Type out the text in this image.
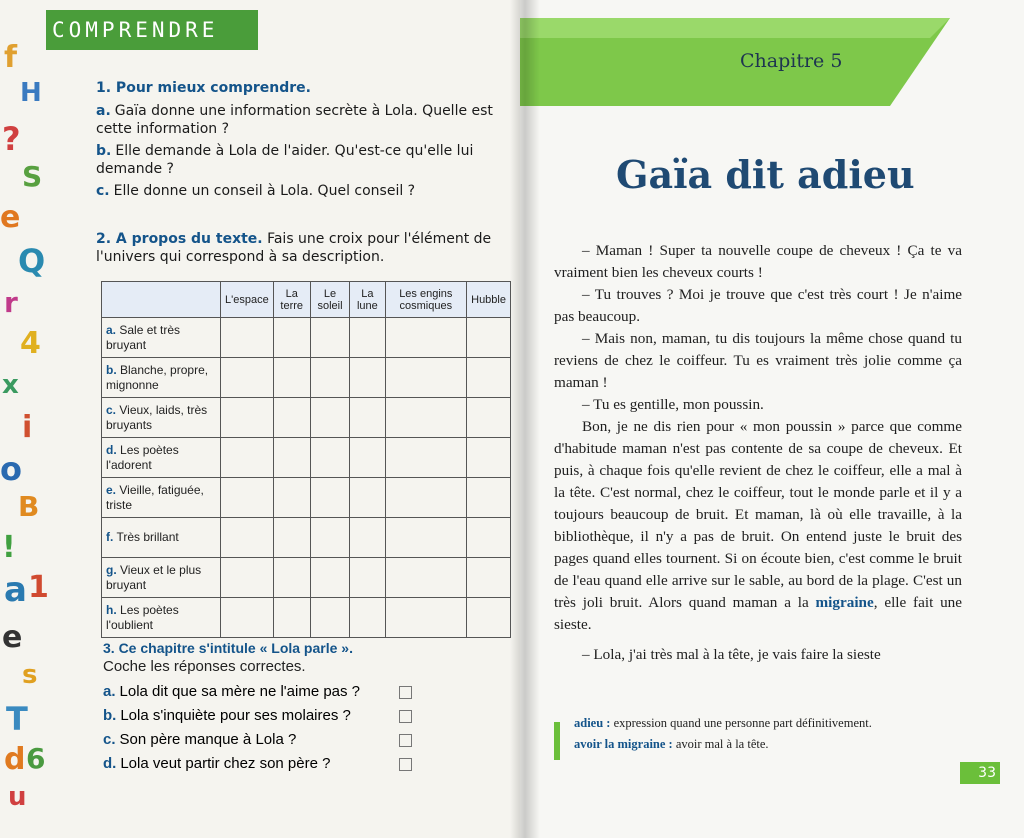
f
H
?
S
e
Q
r
4
x
i
o
B
!
a 1
e
s
T
d 6
u
COMPRENDRE
1. Pour mieux comprendre.
a. Gaïa donne une information secrète à Lola. Quelle est cette information ?
b. Elle demande à Lola de l'aider. Qu'est-ce qu'elle lui demande ?
c. Elle donne un conseil à Lola. Quel conseil ?
2. A propos du texte. Fais une croix pour l'élément de l'univers qui correspond à sa description.
	L'espace	La terre	Le soleil	La lune	Les engins cosmiques	Hubble
a. Sale et très bruyant						
b. Blanche, propre, mignonne						
c. Vieux, laids, très bruyants						
d. Les poètes l'adorent						
e. Vieille, fatiguée, triste						
f. Très brillant						
g. Vieux et le plus bruyant						
h. Les poètes l'oublient						
3. Ce chapitre s'intitule « Lola parle ».
Coche les réponses correctes.
a. Lola dit que sa mère ne l'aime pas ?
b. Lola s'inquiète pour ses molaires ?
c. Son père manque à Lola ?
d. Lola veut partir chez son père ?
Chapitre 5
Gaïa dit adieu

– Maman ! Super ta nouvelle coupe de cheveux ! Ça te va vraiment bien les cheveux courts !

– Tu trouves ? Moi je trouve que c'est très court ! Je n'aime pas beaucoup.

– Mais non, maman, tu dis toujours la même chose quand tu reviens de chez le coiffeur. Tu es vraiment très jolie comme ça maman !

– Tu es gentille, mon poussin.

Bon, je ne dis rien pour « mon poussin » parce que comme d'habitude maman n'est pas contente de sa coupe de cheveux. Et puis, à chaque fois qu'elle revient de chez le coiffeur, elle a mal à la tête. C'est normal, chez le coiffeur, tout le monde parle et il y a toujours beaucoup de bruit. Et maman, là où elle travaille, à la bibliothèque, il n'y a pas de bruit. On entend juste le bruit des pages quand elles tournent. Si on écoute bien, c'est comme le bruit de l'eau quand elle arrive sur le sable, au bord de la plage. C'est un très joli bruit. Alors quand maman a la migraine, elle fait une sieste.

– Lola, j'ai très mal à la tête, je vais faire la sieste

adieu : expression quand une personne part définitivement.
avoir la migraine : avoir mal à la tête.
33
